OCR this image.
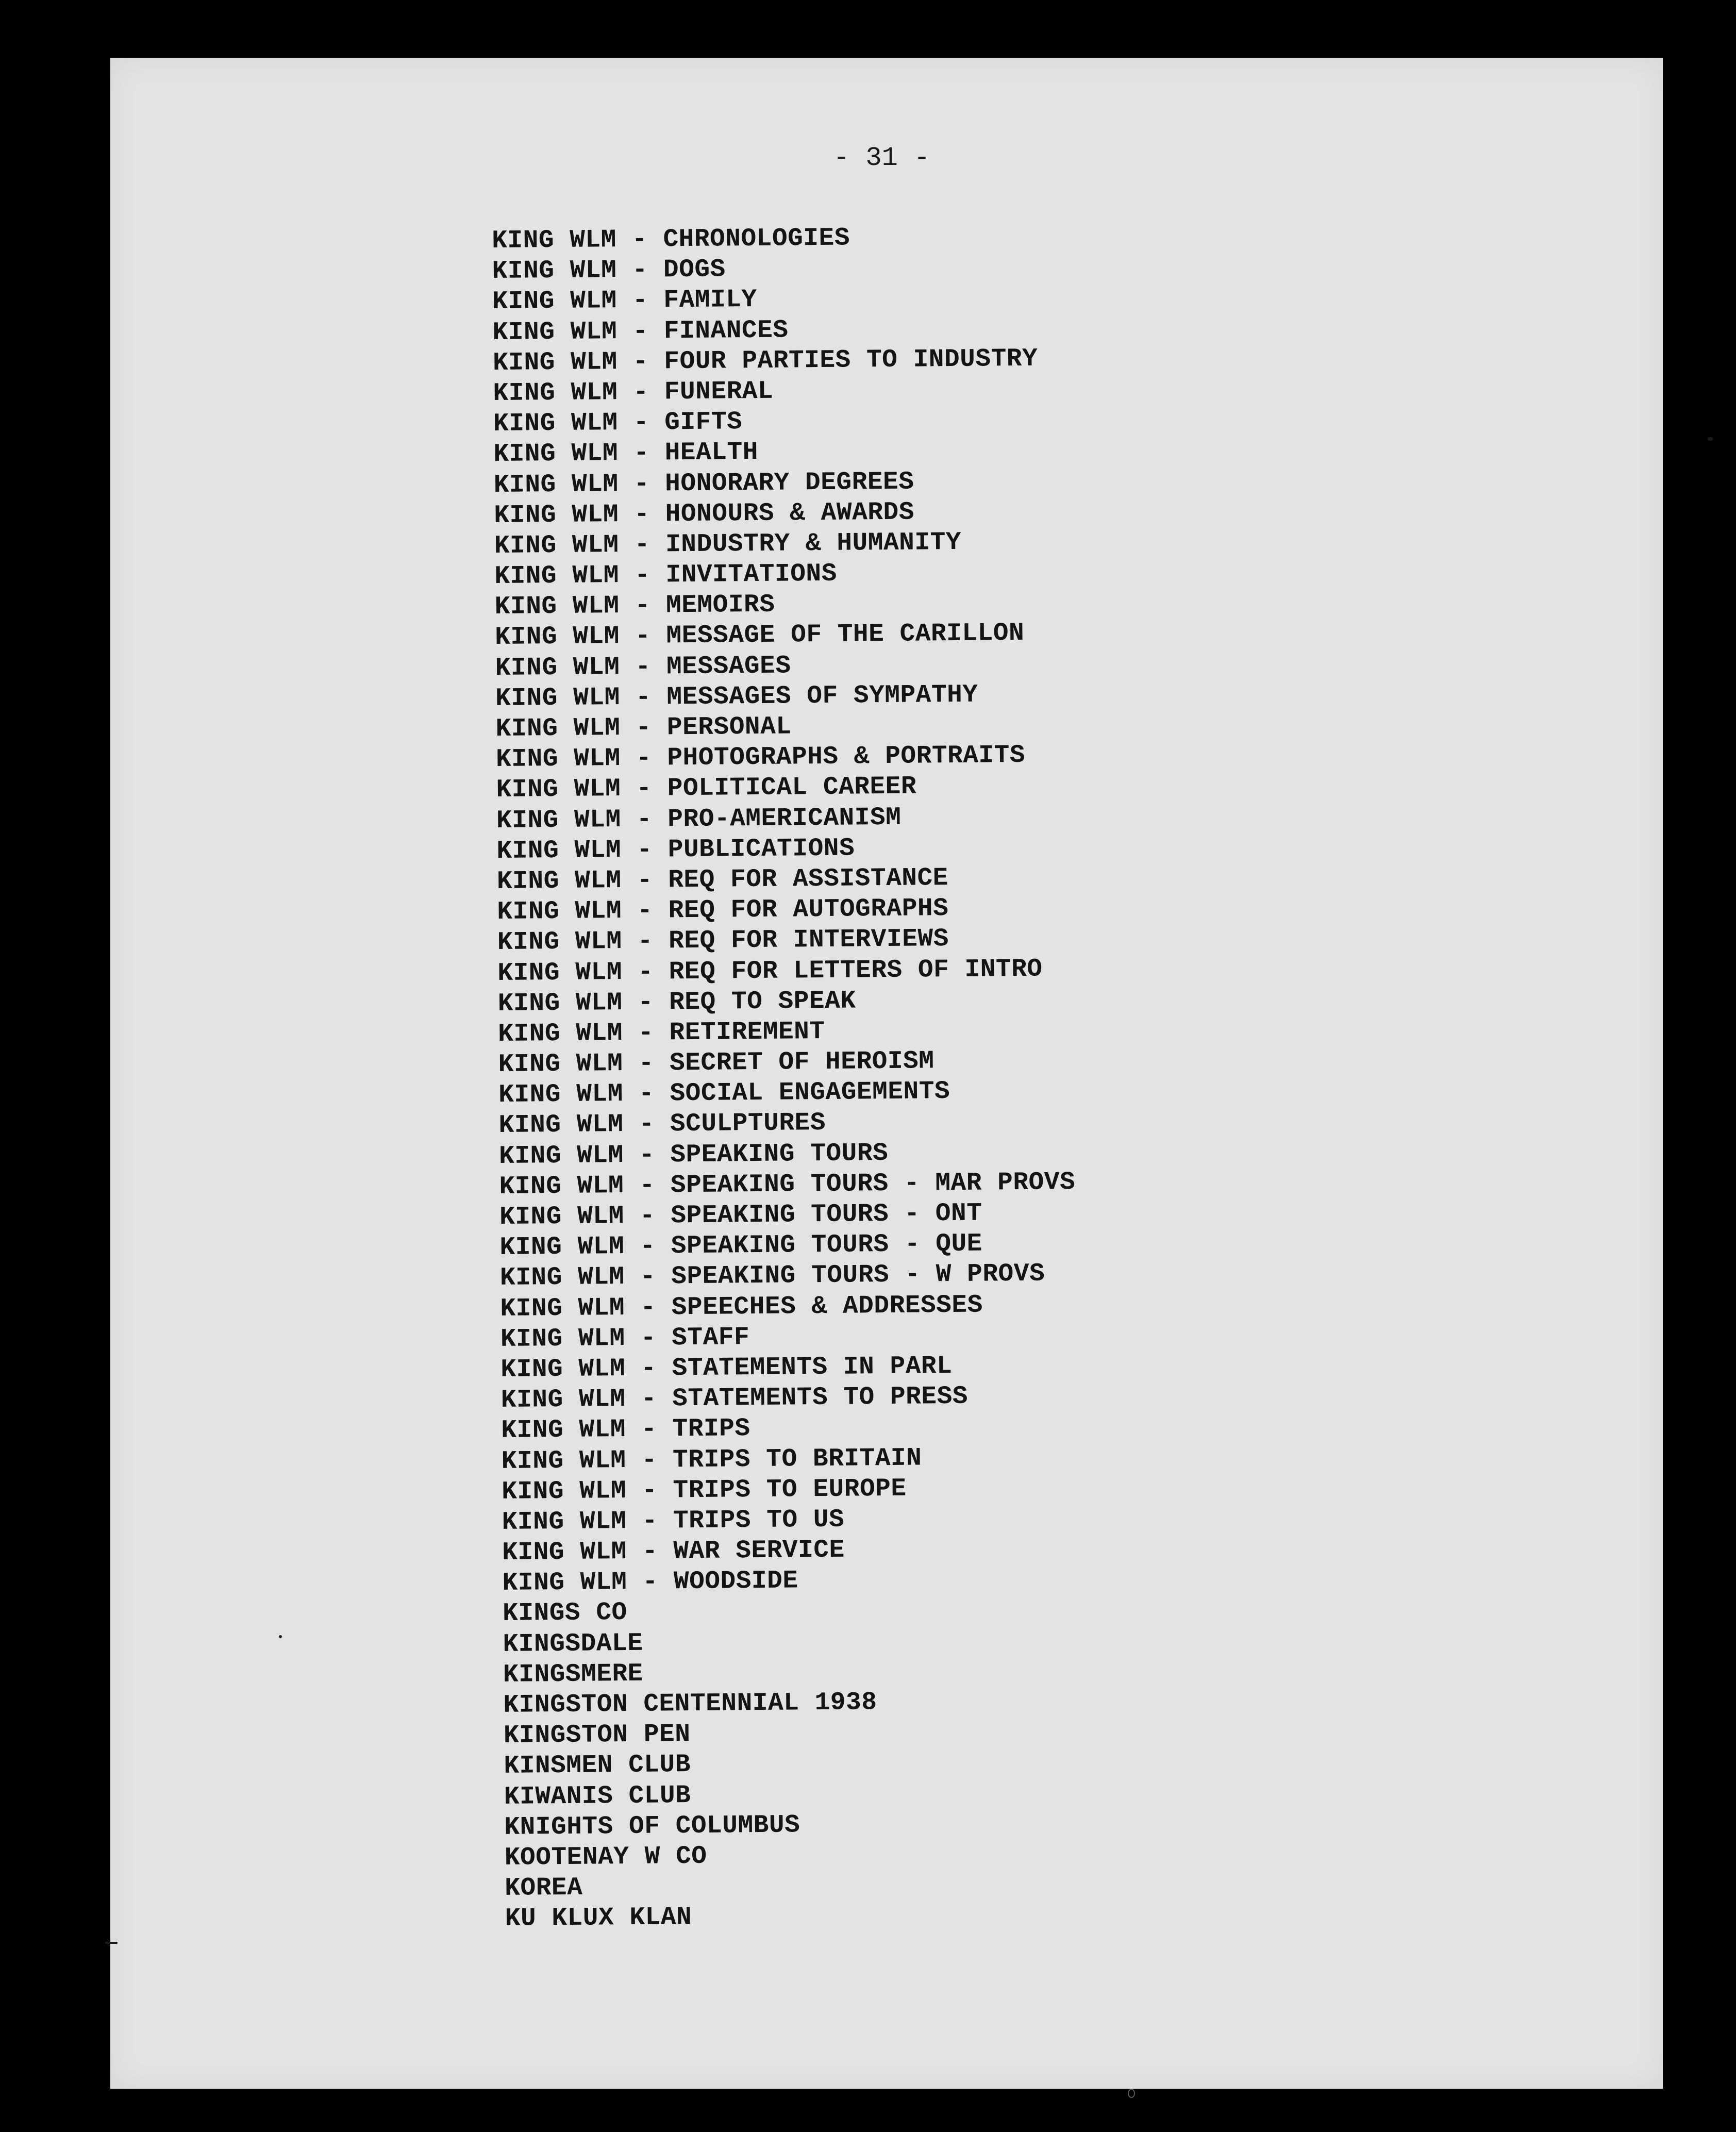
- 31 -
KING WLM - CHRONOLOGIES
KING WLM - DOGS
KING WLM - FAMILY
KING WLM - FINANCES
KING WLM - FOUR PARTIES TO INDUSTRY
KING WLM - FUNERAL
KING WLM - GIFTS
KING WLM - HEALTH
KING WLM - HONORARY DEGREES
KING WLM - HONOURS & AWARDS
KING WLM - INDUSTRY & HUMANITY
KING WLM - INVITATIONS
KING WLM - MEMOIRS
KING WLM - MESSAGE OF THE CARILLON
KING WLM - MESSAGES
KING WLM - MESSAGES OF SYMPATHY
KING WLM - PERSONAL
KING WLM - PHOTOGRAPHS & PORTRAITS
KING WLM - POLITICAL CAREER
KING WLM - PRO-AMERICANISM
KING WLM - PUBLICATIONS
KING WLM - REQ FOR ASSISTANCE
KING WLM - REQ FOR AUTOGRAPHS
KING WLM - REQ FOR INTERVIEWS
KING WLM - REQ FOR LETTERS OF INTRO
KING WLM - REQ TO SPEAK
KING WLM - RETIREMENT
KING WLM - SECRET OF HEROISM
KING WLM - SOCIAL ENGAGEMENTS
KING WLM - SCULPTURES
KING WLM - SPEAKING TOURS
KING WLM - SPEAKING TOURS - MAR PROVS
KING WLM - SPEAKING TOURS - ONT
KING WLM - SPEAKING TOURS - QUE
KING WLM - SPEAKING TOURS - W PROVS
KING WLM - SPEECHES & ADDRESSES
KING WLM - STAFF
KING WLM - STATEMENTS IN PARL
KING WLM - STATEMENTS TO PRESS
KING WLM - TRIPS
KING WLM - TRIPS TO BRITAIN
KING WLM - TRIPS TO EUROPE
KING WLM - TRIPS TO US
KING WLM - WAR SERVICE
KING WLM - WOODSIDE
KINGS CO
KINGSDALE
KINGSMERE
KINGSTON CENTENNIAL 1938
KINGSTON PEN
KINSMEN CLUB
KIWANIS CLUB
KNIGHTS OF COLUMBUS
KOOTENAY W CO
KOREA
KU KLUX KLAN
